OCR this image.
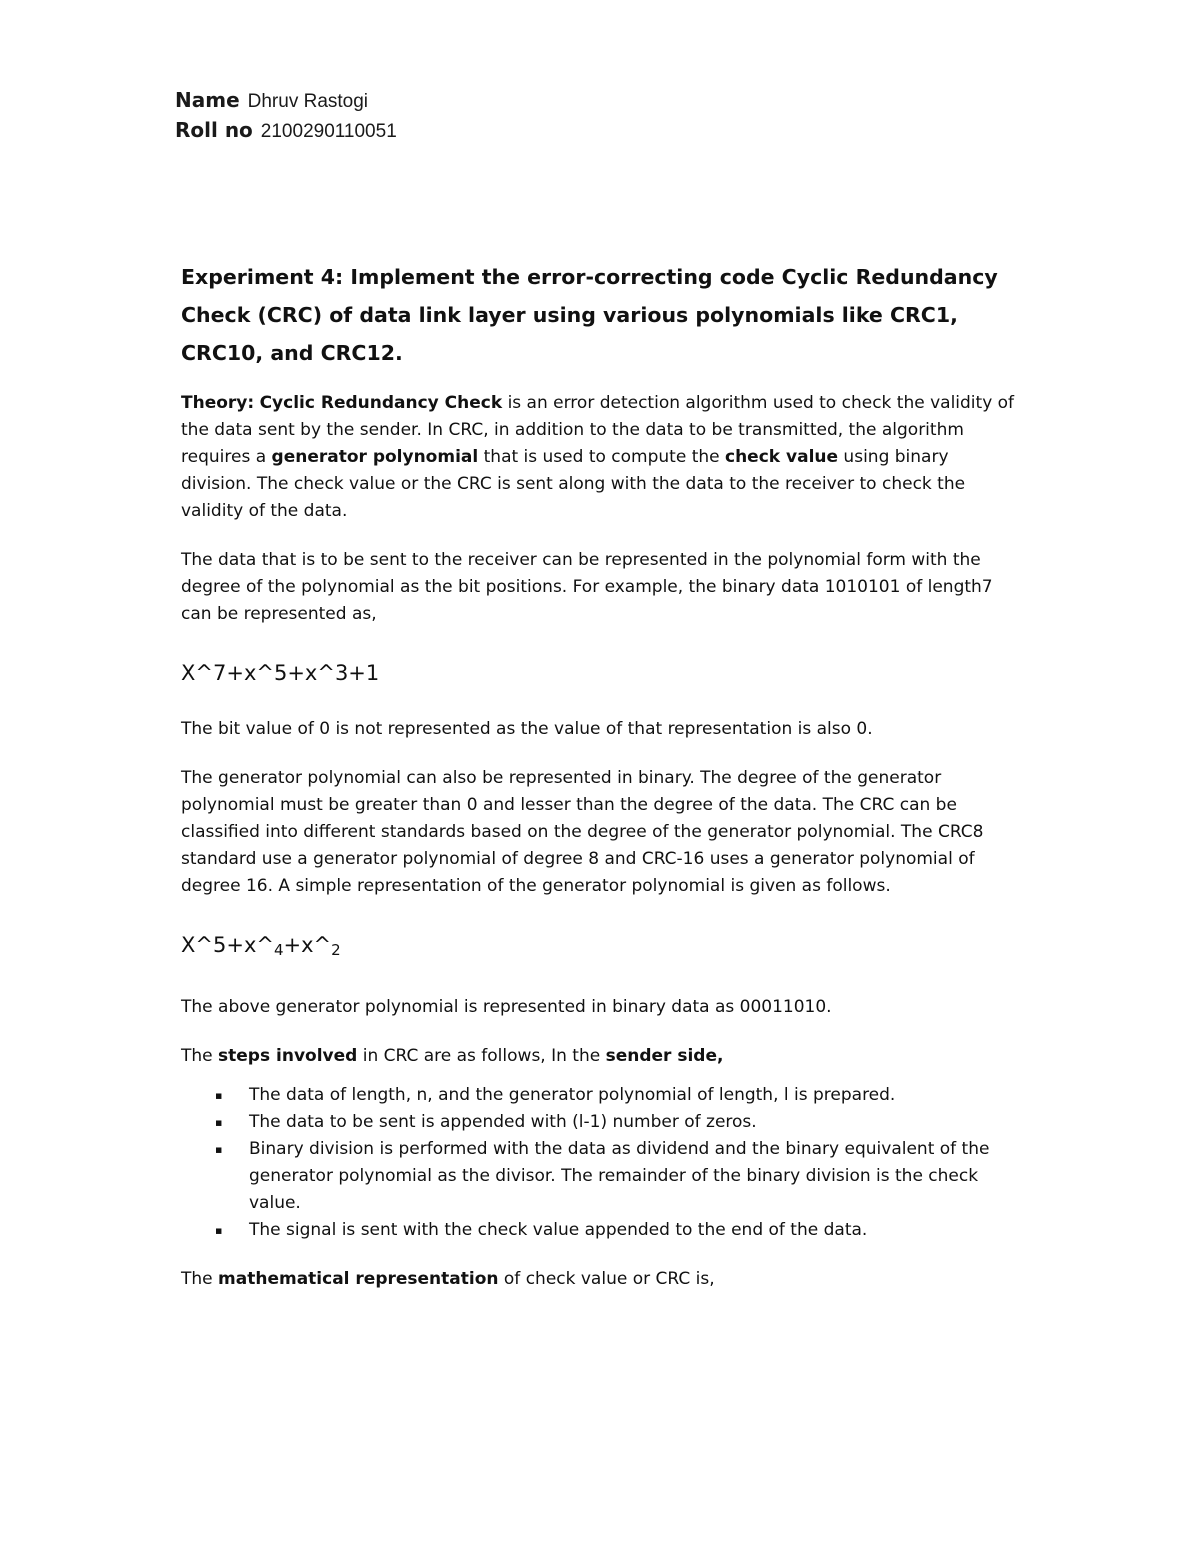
Name Dhruv Rastogi
Roll no 2100290110051
Experiment 4: Implement the error-correcting code Cyclic Redundancy Check (CRC) of data link layer using various polynomials like CRC1, CRC10, and CRC12.

Theory: Cyclic Redundancy Check is an error detection algorithm used to check the validity of the data sent by the sender. In CRC, in addition to the data to be transmitted, the algorithm requires a generator polynomial that is used to compute the check value using binary division. The check value or the CRC is sent along with the data to the receiver to check the validity of the data.

The data that is to be sent to the receiver can be represented in the polynomial form with the degree of the polynomial as the bit positions. For example, the binary data 1010101 of length7 can be represented as,

X^7+x^5+x^3+1

The bit value of 0 is not represented as the value of that representation is also 0.

The generator polynomial can also be represented in binary. The degree of the generator polynomial must be greater than 0 and lesser than the degree of the data. The CRC can be classified into different standards based on the degree of the generator polynomial. The CRC8 standard use a generator polynomial of degree 8 and CRC-16 uses a generator polynomial of degree 16. A simple representation of the generator polynomial is given as follows.

X^5+x^4+x^2

The above generator polynomial is represented in binary data as 00011010.

The steps involved in CRC are as follows, In the sender side,

▪ The data of length, n, and the generator polynomial of length, l is prepared.
▪ The data to be sent is appended with (l-1) number of zeros.
▪ Binary division is performed with the data as dividend and the binary equivalent of the generator polynomial as the divisor. The remainder of the binary division is the check value.
▪ The signal is sent with the check value appended to the end of the data.

The mathematical representation of check value or CRC is,
